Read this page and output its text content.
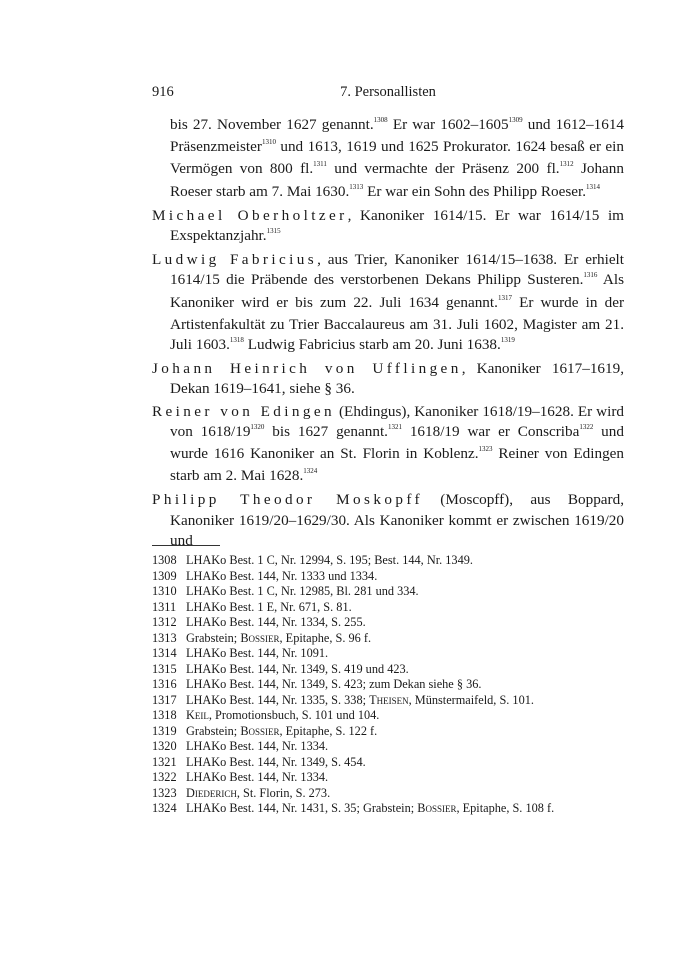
916	7. Personallisten

bis 27. November 1627 genannt.$^{1308}$ Er war $1602-1605^{1309}$ und 1612–1614 Präsenzmeister$^{1310}$ und 1613, 1619 und 1625 Prokurator. 1624 besaß er ein Vermögen von 800 fl.$^{1311}$ und vermachte der Präsenz 200 fl.$^{1312}$ Johann Roeser starb am 7. Mai 1630.$^{1313}$ Er war ein Sohn des Philipp Roeser.$^{1314}$

Michael Oberholtzer, Kanoniker 1614/15. Er war 1614/15 im Exspektanzjahr.$^{1315}$

Ludwig Fabricius, aus Trier, Kanoniker 1614/15–1638. Er erhielt 1614/15 die Präbende des verstorbenen Dekans Philipp Susteren.$^{1316}$ Als Kanoniker wird er bis zum 22. Juli 1634 genannt.$^{1317}$ Er wurde in der Artistenfakultät zu Trier Baccalaureus am 31. Juli 1602, Magister am 21. Juli 1603.$^{1318}$ Ludwig Fabricius starb am 20. Juni 1638.$^{1319}$

Johann Heinrich von Ufflingen, Kanoniker 1617–1619, Dekan 1619–1641, siehe § 36.

Reiner von Edingen (Ehdingus), Kanoniker 1618/19–1628. Er wird von $1618/19^{1320}$ bis 1627 genannt.$^{1321}$ 1618/19 war er Conscriba$^{1322}$ und wurde 1616 Kanoniker an St. Florin in Koblenz.$^{1323}$ Reiner von Edingen starb am 2. Mai 1628.$^{1324}$

Philipp Theodor Moskopff (Moscopff), aus Boppard, Kanoniker 1619/20–1629/30. Als Kanoniker kommt er zwischen 1619/20 und

1308 LHAKo Best. 1 C, Nr. 12994, S. 195; Best. 144, Nr. 1349.
1309 LHAKo Best. 144, Nr. 1333 und 1334.
1310 LHAKo Best. 1 C, Nr. 12985, Bl. 281 und 334.
1311 LHAKo Best. 1 E, Nr. 671, S. 81.
1312 LHAKo Best. 144, Nr. 1334, S. 255.
1313 Grabstein; Bossier, Epitaphe, S. 96 f.
1314 LHAKo Best. 144, Nr. 1091.
1315 LHAKo Best. 144, Nr. 1349, S. 419 und 423.
1316 LHAKo Best. 144, Nr. 1349, S. 423; zum Dekan siehe § 36.
1317 LHAKo Best. 144, Nr. 1335, S. 338; Theisen, Münstermaifeld, S. 101.
1318 Keil, Promotionsbuch, S. 101 und 104.
1319 Grabstein; Bossier, Epitaphe, S. 122 f.
1320 LHAKo Best. 144, Nr. 1334.
1321 LHAKo Best. 144, Nr. 1349, S. 454.
1322 LHAKo Best. 144, Nr. 1334.
1323 Diederich, St. Florin, S. 273.
1324 LHAKo Best. 144, Nr. 1431, S. 35; Grabstein; Bossier, Epitaphe, S. 108 f.
